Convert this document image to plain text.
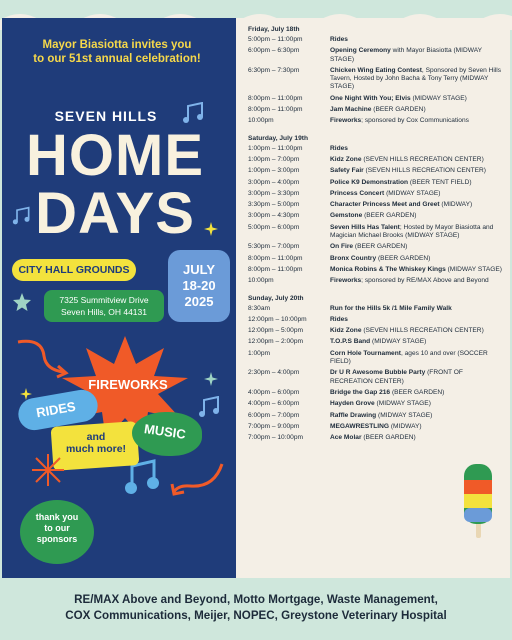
Mayor Biasiotta invites you
to our 51st annual celebration!
SEVEN HILLS
HOME
DAYS
CITY HALL GROUNDS
7325 Summitview Drive
Seven Hills, OH 44131
JULY
18-20
2025
FIREWORKS
RIDES
and
much more!
MUSIC
thank you
to our
sponsors
Friday, July 18th
5:00pm – 11:00pm	Rides
6:00pm – 6:30pm	Opening Ceremony with Mayor Biasiotta (MIDWAY STAGE)
6:30pm – 7:30pm	Chicken Wing Eating Contest, Sponsored by Seven Hills Tavern, Hosted by John Bacha & Tony Terry (MIDWAY STAGE)
8:00pm – 11:00pm	One Night With You; Elvis (MIDWAY STAGE)
8:00pm – 11:00pm	Jam Machine (BEER GARDEN)
10:00pm	Fireworks; sponsored by Cox Communications
Saturday, July 19th
1:00pm – 11:00pm	Rides
1:00pm – 7:00pm	Kidz Zone (SEVEN HILLS RECREATION CENTER)
1:00pm – 3:00pm	Safety Fair (SEVEN HILLS RECREATION CENTER)
3:00pm – 4:00pm	Police K9 Demonstration (BEER TENT FIELD)
3:00pm – 3:30pm	Princess Concert (MIDWAY STAGE)
3:30pm – 5:00pm	Character Princess Meet and Greet (MIDWAY)
3:00pm – 4:30pm	Gemstone (BEER GARDEN)
5:00pm – 6:00pm	Seven Hills Has Talent; Hosted by Mayor Biasiotta and Magician Michael Brooks (MIDWAY STAGE)
5:30pm – 7:00pm	On Fire (BEER GARDEN)
8:00pm – 11:00pm	Bronx Country (BEER GARDEN)
8:00pm – 11:00pm	Monica Robins & The Whiskey Kings (MIDWAY STAGE)
10:00pm	Fireworks; sponsored by RE/MAX Above and Beyond
Sunday, July 20th
8:30am	Run for the Hills 5k /1 Mile Family Walk
12:00pm – 10:00pm	Rides
12:00pm – 5:00pm	Kidz Zone (SEVEN HILLS RECREATION CENTER)
12:00pm – 2:00pm	T.O.P.S Band (MIDWAY STAGE)
1:00pm	Corn Hole Tournament, ages 10 and over (SOCCER FIELD)
2:30pm – 4:00pm	Dr U R Awesome Bubble Party (FRONT OF RECREATION CENTER)
4:00pm – 6:00pm	Bridge the Gap 216 (BEER GARDEN)
4:00pm – 6:00pm	Hayden Grove (MIDWAY STAGE)
6:00pm – 7:00pm	Raffle Drawing (MIDWAY STAGE)
7:00pm – 9:00pm	MEGAWRESTLING (MIDWAY)
7:00pm – 10:00pm	Ace Molar (BEER GARDEN)
RE/MAX Above and Beyond, Motto Mortgage, Waste Management,
COX Communications, Meijer, NOPEC, Greystone Veterinary Hospital
